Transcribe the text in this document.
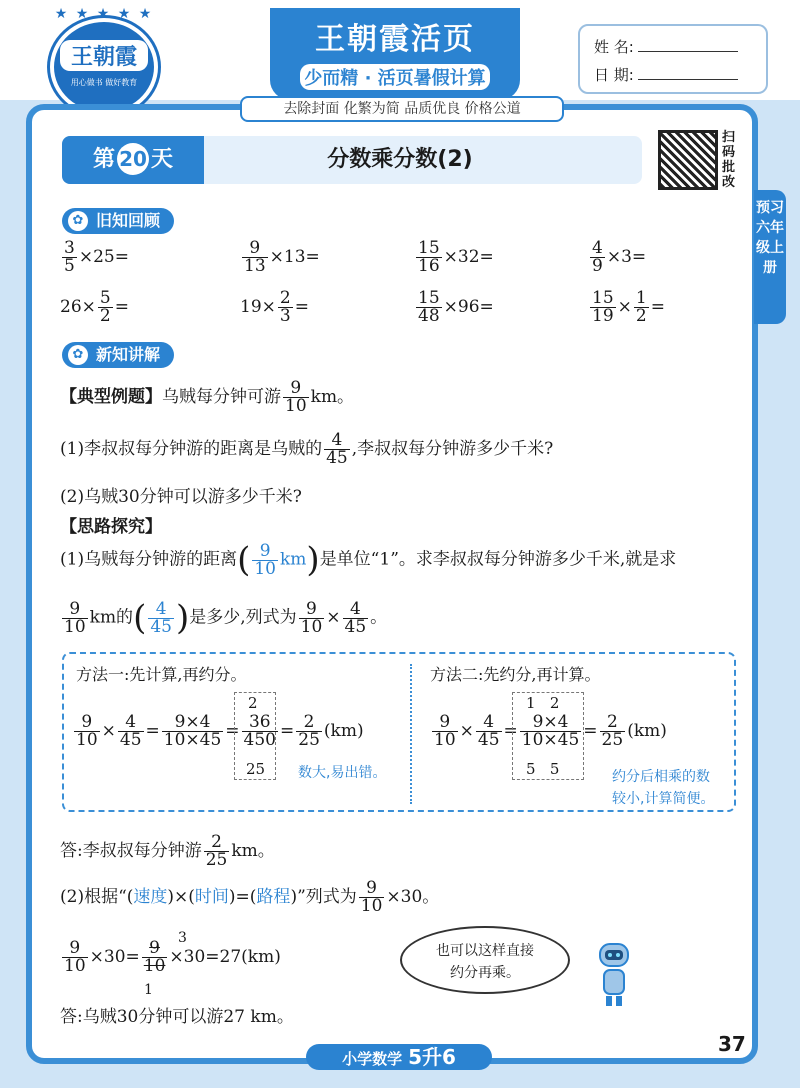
★ ★ ★ ★ ★
王朝霞
用心做书 做好教育
王朝霞活页
少而精 · 活页暑假计算
姓 名:
日 期:
去除封面 化繁为简 品质优良 价格公道
第 20 天	分数乘分数(2)
扫码批改
预习六年级上册
✿ 旧知回顾
$\frac{3}{5} \times 25=$	$\frac{9}{13} \times 13=$	$\frac{15}{16} \times 32=$	$\frac{4}{9} \times 3=$
$26\times \frac{5}{2}$ =	$19\times \frac{2}{3}$ =	$\frac{15}{48} \times 96=$	$\frac{15}{19} \times \frac{1}{2}$ =
✿ 新知讲解
【典型例题】乌贼每分钟可游 $\frac{9}{10}$ km。
(1)李叔叔每分钟游的距离是乌贼的 $\frac{4}{45}$ ,李叔叔每分钟游多少千米?
(2)乌贼30分钟可以游多少千米?
【思路探究】
(1)乌贼每分钟游的距离( $\frac{9}{10} km$)是单位“1”。求李叔叔每分钟游多少千米,就是求
$\frac{9}{10}$ km的( $\frac{4}{45}$ )是多少,列式为 $\frac{9}{10} \times \frac{4}{45}$ 。
方法一:先计算,再约分。	方法二:先约分,再计算。
$\frac{9}{10} \times \frac{4}{45} = \frac{9\times 4}{10\times 45} = \frac{36}{450} = \frac{2}{25} (km)$
2
25 数大,易出错。
$\frac{9}{10} \times \frac{4}{45} = \frac{9\times 4}{10\times 45} = \frac{2}{25} (km)$
1   2
5   5	约分后相乘的数
较小,计算简便。
答:李叔叔每分钟游 $\frac{2}{25}$ km。
(2)根据“(速度)×(时间)=(路程)”列式为 $\frac{9}{10} \times 30$。
$\frac{9}{10} \times 30= \frac{9}{10} \times 30=27(km)$
3
1
答:乌贼30分钟可以游27 km。
也可以这样直接
约分再乘。
37
小学数学 5升6
